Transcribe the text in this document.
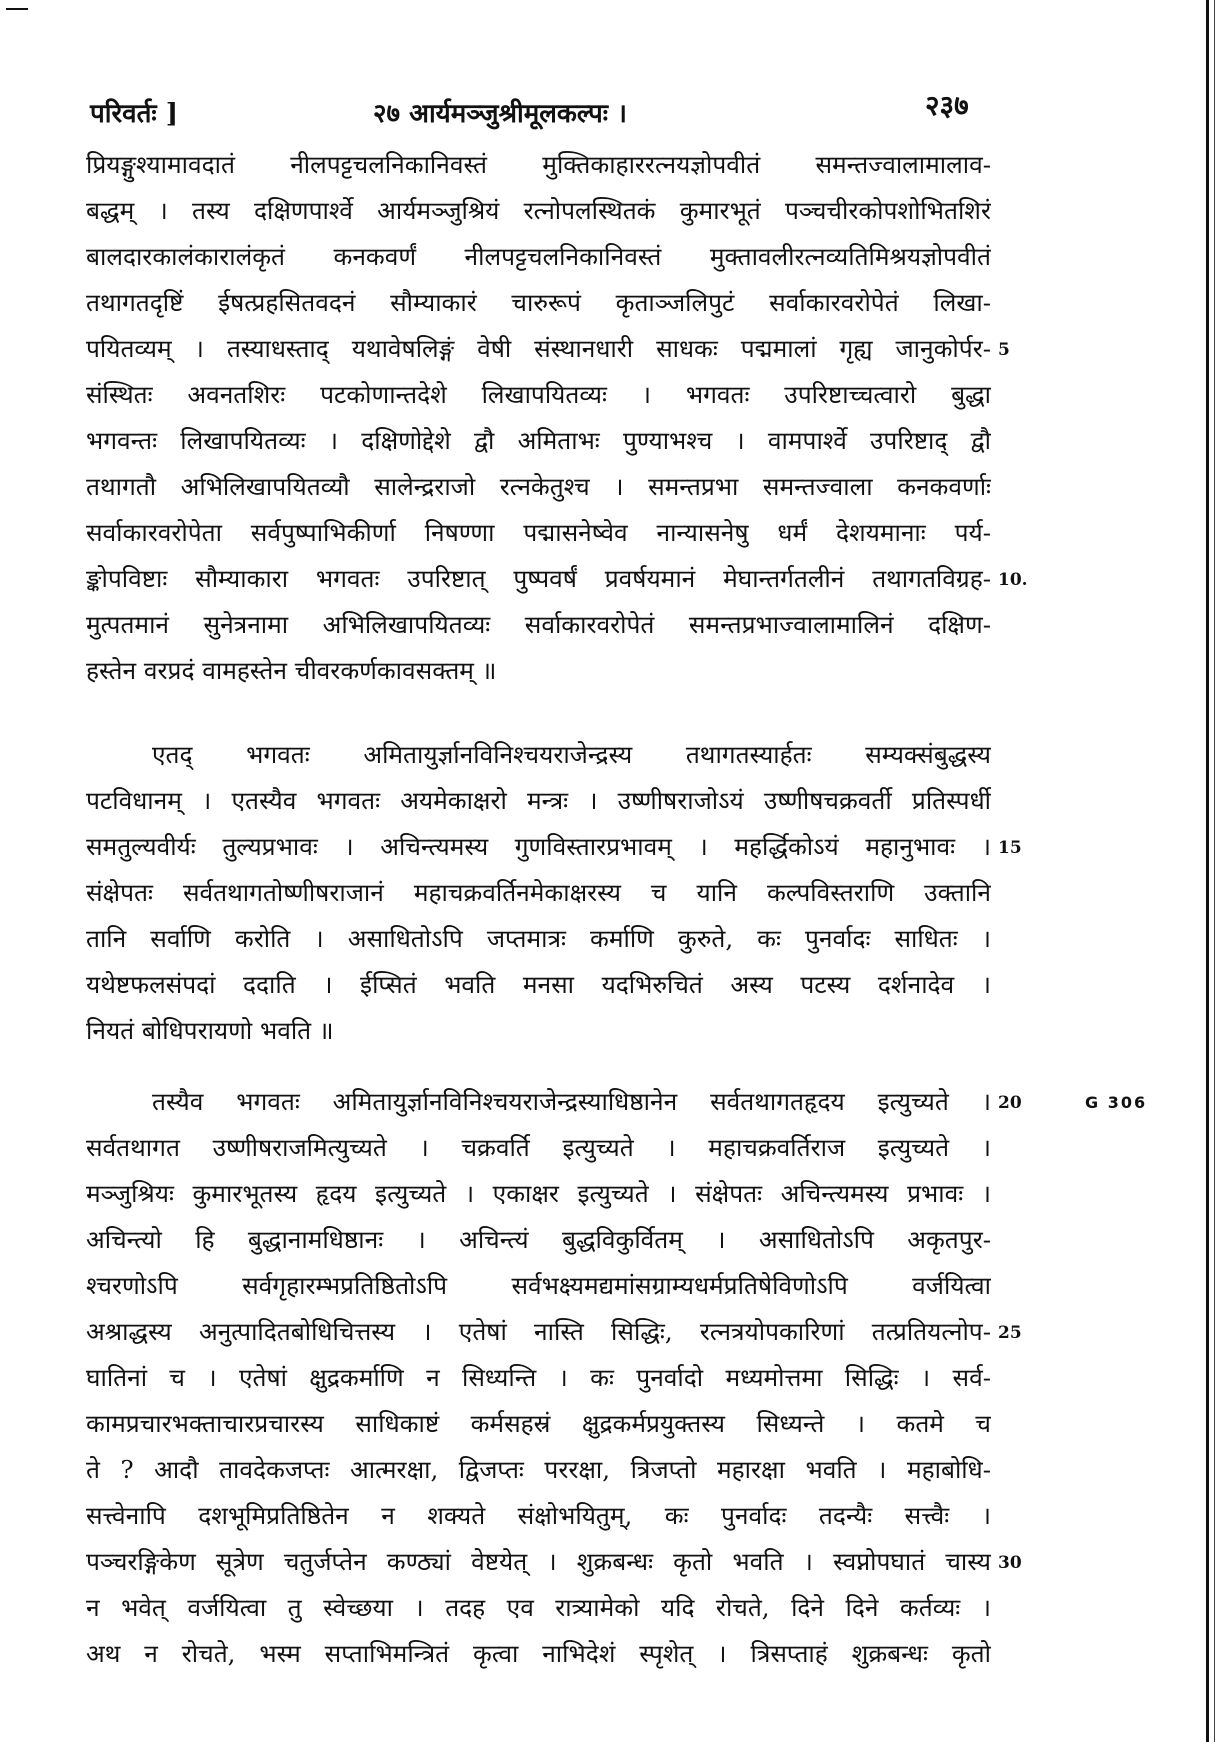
परिवर्तः ]	२७ आर्यमञ्जुश्रीमूलकल्पः ।	२३७
प्रियङ्गुश्यामावदातं नीलपट्टचलनिकानिवस्तं मुक्तिकाहाररत्नयज्ञोपवीतं समन्तज्वालामालाव-
बद्धम् । तस्य दक्षिणपार्श्वे आर्यमञ्जुश्रियं रत्नोपलस्थितकं कुमारभूतं पञ्चचीरकोपशोभितशिरं
बालदारकालंकारालंकृतं कनकवर्णं नीलपट्टचलनिकानिवस्तं मुक्तावलीरत्नव्यतिमिश्रयज्ञोपवीतं
तथागतदृष्टिं ईषत्प्रहसितवदनं सौम्याकारं चारुरूपं कृताञ्जलिपुटं सर्वाकारवरोपेतं लिखा-
पयितव्यम् । तस्याधस्ताद् यथावेषलिङ्गं वेषी संस्थानधारी साधकः पद्ममालां गृह्य जानुकोर्पर-
संस्थितः अवनतशिरः पटकोणान्तदेशे लिखापयितव्यः । भगवतः उपरिष्टाच्चत्वारो बुद्धा
भगवन्तः लिखापयितव्यः । दक्षिणोद्देशे द्वौ अमिताभः पुण्याभश्च । वामपार्श्वे उपरिष्टाद् द्वौ
तथागतौ अभिलिखापयितव्यौ सालेन्द्रराजो रत्नकेतुश्च । समन्तप्रभा समन्तज्वाला कनकवर्णाः
सर्वाकारवरोपेता सर्वपुष्पाभिकीर्णा निषण्णा पद्मासनेष्वेव नान्यासनेषु धर्मं देशयमानाः पर्य-
ङ्कोपविष्टाः सौम्याकारा भगवतः उपरिष्टात् पुष्पवर्षं प्रवर्षयमानं मेघान्तर्गतलीनं तथागतविग्रह-
मुत्पतमानं सुनेत्रनामा अभिलिखापयितव्यः सर्वाकारवरोपेतं समन्तप्रभाज्वालामालिनं दक्षिण-
हस्तेन वरप्रदं वामहस्तेन चीवरकर्णकावसक्तम् ॥
एतद् भगवतः अमितायुर्ज्ञानविनिश्चयराजेन्द्रस्य तथागतस्यार्हतः सम्यक्संबुद्धस्य
पटविधानम् । एतस्यैव भगवतः अयमेकाक्षरो मन्त्रः । उष्णीषराजोऽयं उष्णीषचक्रवर्ती प्रतिस्पर्धी
समतुल्यवीर्यः तुल्यप्रभावः । अचिन्त्यमस्य गुणविस्तारप्रभावम् । महर्द्धिकोऽयं महानुभावः ।
संक्षेपतः सर्वतथागतोष्णीषराजानं महाचक्रवर्तिनमेकाक्षरस्य च यानि कल्पविस्तराणि उक्तानि
तानि सर्वाणि करोति । असाधितोऽपि जप्तमात्रः कर्माणि कुरुते, कः पुनर्वादः साधितः ।
यथेष्टफलसंपदां ददाति । ईप्सितं भवति मनसा यदभिरुचितं अस्य पटस्य दर्शनादेव ।
नियतं बोधिपरायणो भवति ॥
तस्यैव भगवतः अमितायुर्ज्ञानविनिश्चयराजेन्द्रस्याधिष्ठानेन सर्वतथागतहृदय इत्युच्यते ।
सर्वतथागत उष्णीषराजमित्युच्यते । चक्रवर्ति इत्युच्यते । महाचक्रवर्तिराज इत्युच्यते ।
मञ्जुश्रियः कुमारभूतस्य हृदय इत्युच्यते । एकाक्षर इत्युच्यते । संक्षेपतः अचिन्त्यमस्य प्रभावः ।
अचिन्त्यो हि बुद्धानामधिष्ठानः । अचिन्त्यं बुद्धविकुर्वितम् । असाधितोऽपि अकृतपुर-
श्चरणोऽपि सर्वगृहारम्भप्रतिष्ठितोऽपि सर्वभक्ष्यमद्यमांसग्राम्यधर्मप्रतिषेविणोऽपि वर्जयित्वा
अश्राद्धस्य अनुत्पादितबोधिचित्तस्य । एतेषां नास्ति सिद्धिः, रत्नत्रयोपकारिणां तत्प्रतियत्नोप-
घातिनां च । एतेषां क्षुद्रकर्माणि न सिध्यन्ति । कः पुनर्वादो मध्यमोत्तमा सिद्धिः । सर्व-
कामप्रचारभक्ताचारप्रचारस्य साधिकाष्टं कर्मसहस्रं क्षुद्रकर्मप्रयुक्तस्य सिध्यन्ते । कतमे च
ते ? आदौ तावदेकजप्तः आत्मरक्षा, द्विजप्तः पररक्षा, त्रिजप्तो महारक्षा भवति । महाबोधि-
सत्त्वेनापि दशभूमिप्रतिष्ठितेन न शक्यते संक्षोभयितुम्, कः पुनर्वादः तदन्यैः सत्त्वैः ।
पञ्चरङ्गिकेण सूत्रेण चतुर्जप्तेन कण्ठ्यां वेष्टयेत् । शुक्रबन्धः कृतो भवति । स्वप्नोपघातं चास्य
न भवेत् वर्जयित्वा तु स्वेच्छया । तदह एव रात्र्यामेको यदि रोचते, दिने दिने कर्तव्यः ।
अथ न रोचते, भस्म सप्ताभिमन्त्रितं कृत्वा नाभिदेशं स्पृशेत् । त्रिसप्ताहं शुक्रबन्धः कृतो
5
10.
15
20
25
30
G 306
